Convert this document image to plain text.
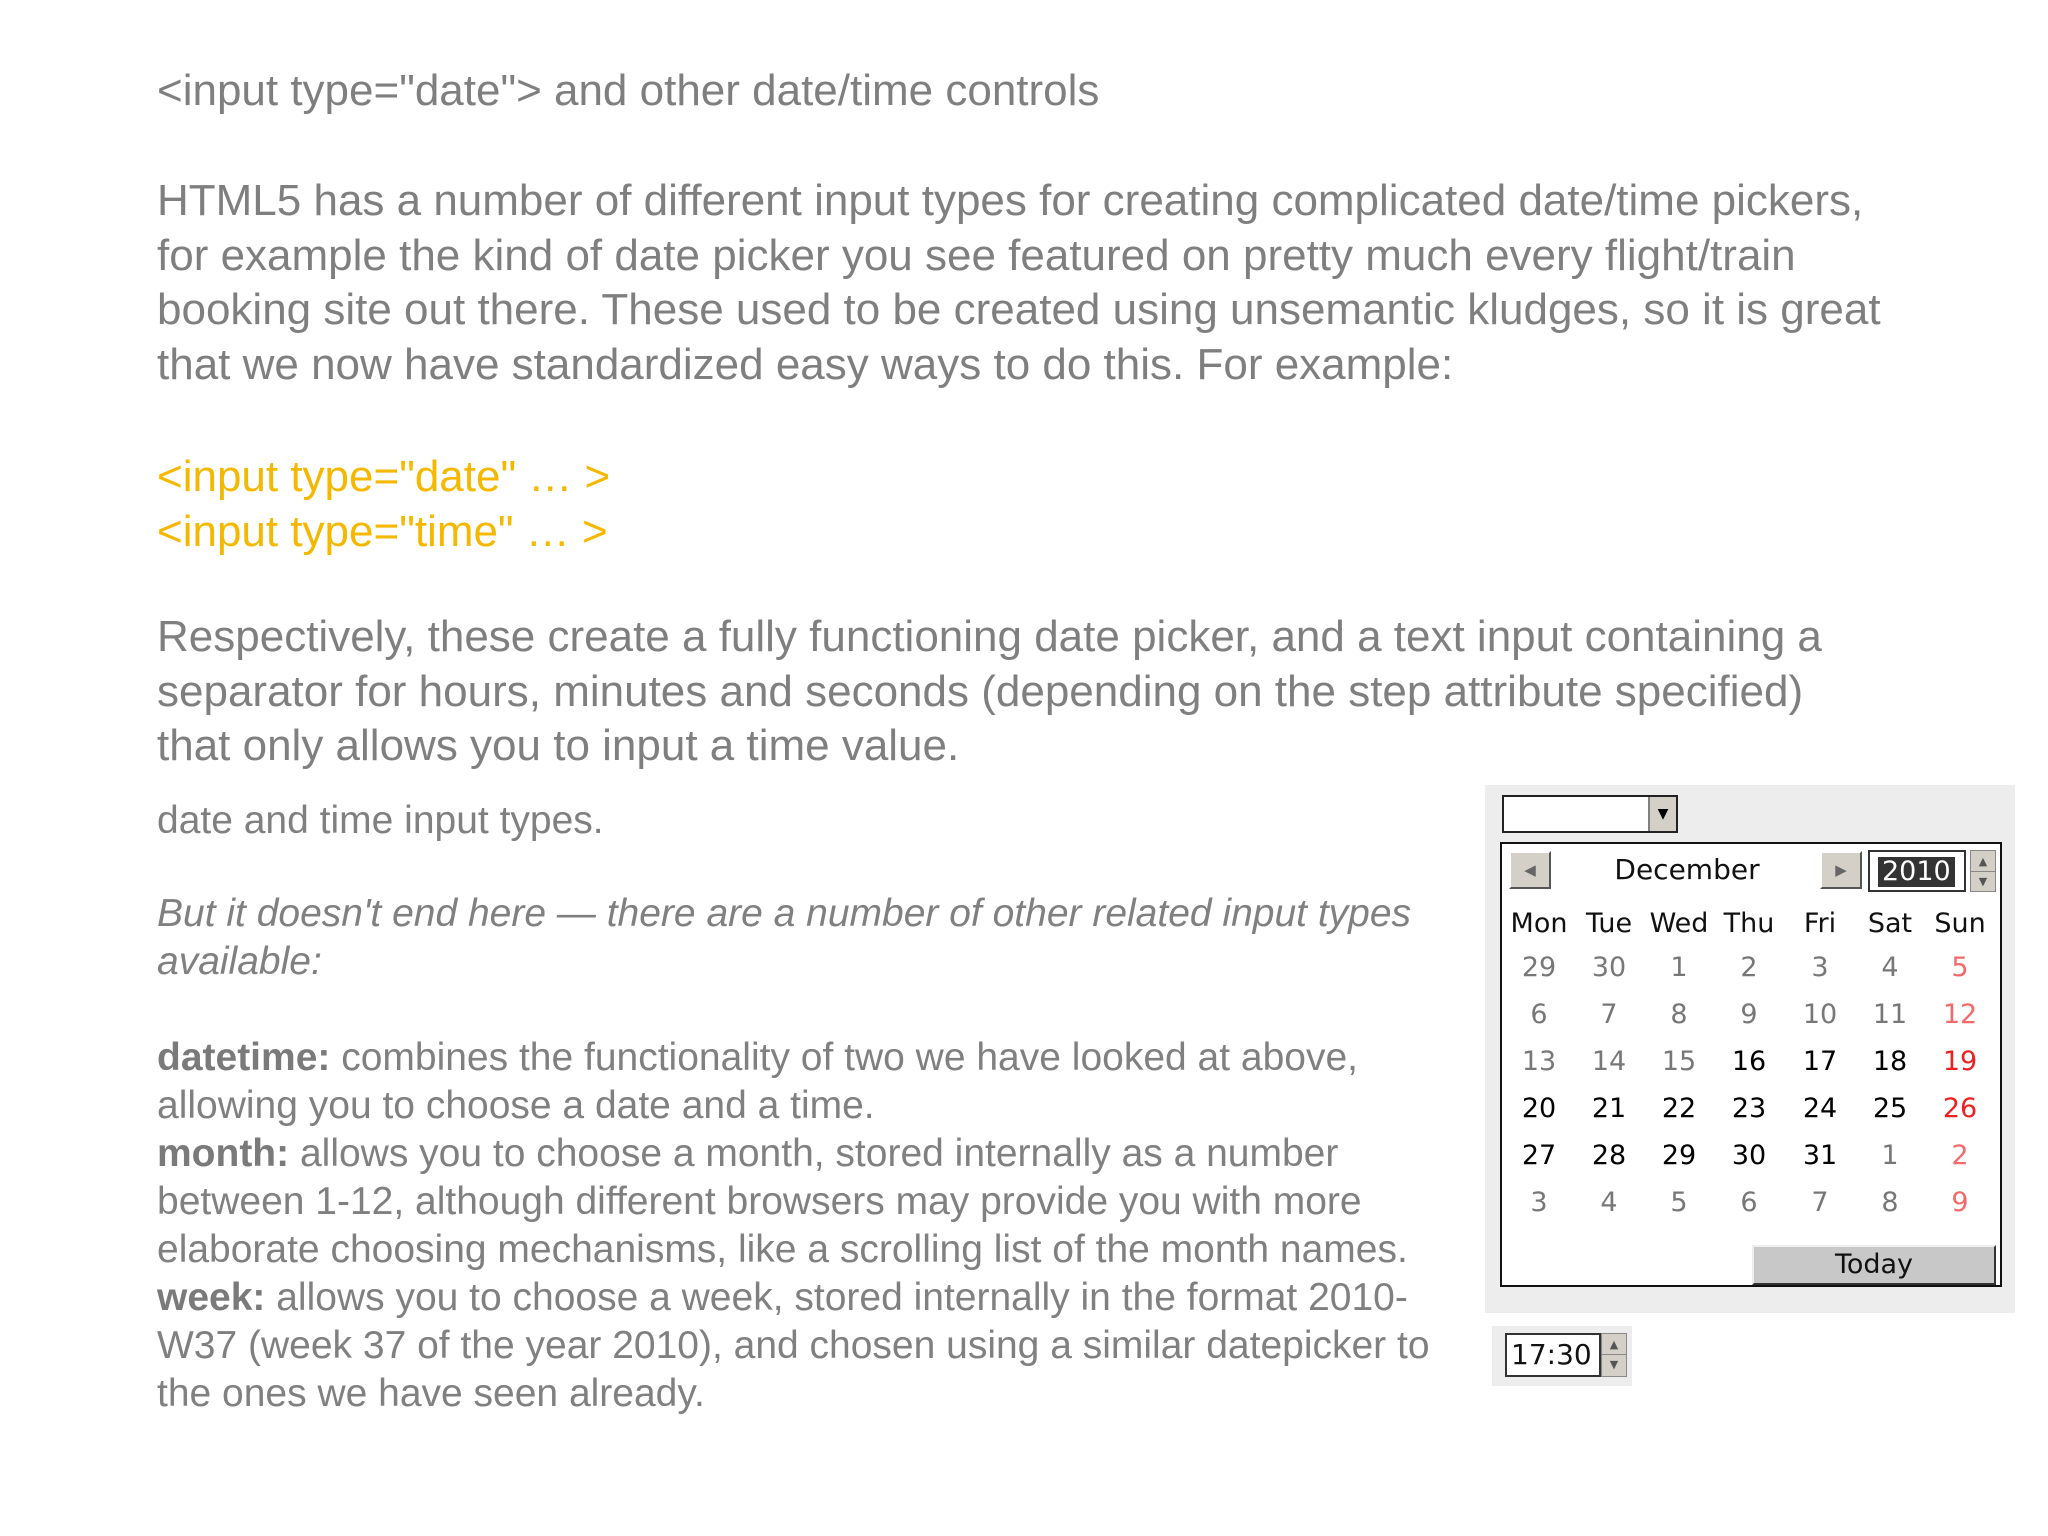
<input type="date"> and other date/time controls
HTML5 has a number of different input types for creating complicated date/time pickers,
for example the kind of date picker you see featured on pretty much every flight/train
booking site out there. These used to be created using unsemantic kludges, so it is great
that we now have standardized easy ways to do this. For example:
<input type="date" … >
<input type="time" … >
Respectively, these create a fully functioning date picker, and a text input containing a
separator for hours, minutes and seconds (depending on the step attribute specified)
that only allows you to input a time value.
date and time input types.
But it doesn't end here — there are a number of other related input types
available:
datetime: combines the functionality of two we have looked at above,
allowing you to choose a date and a time.
month: allows you to choose a month, stored internally as a number
between 1-12, although different browsers may provide you with more
elaborate choosing mechanisms, like a scrolling list of the month names.
week: allows you to choose a week, stored internally in the format 2010-
W37 (week 37 of the year 2010), and chosen using a similar datepicker to
the ones we have seen already.
▼
◀	December	▶ 2010	▲
▼
Mon Tue Wed Thu	Fri	Sat Sun
29	30	1	2	3	4	5
6	7	8	9	10	11	12
13	14	15	16	17	18	19
20	21	22	23	24	25	26
27	28	29	30	31	1	2
3	4	5	6	7	8	9
Today
17:30	▲
▼
